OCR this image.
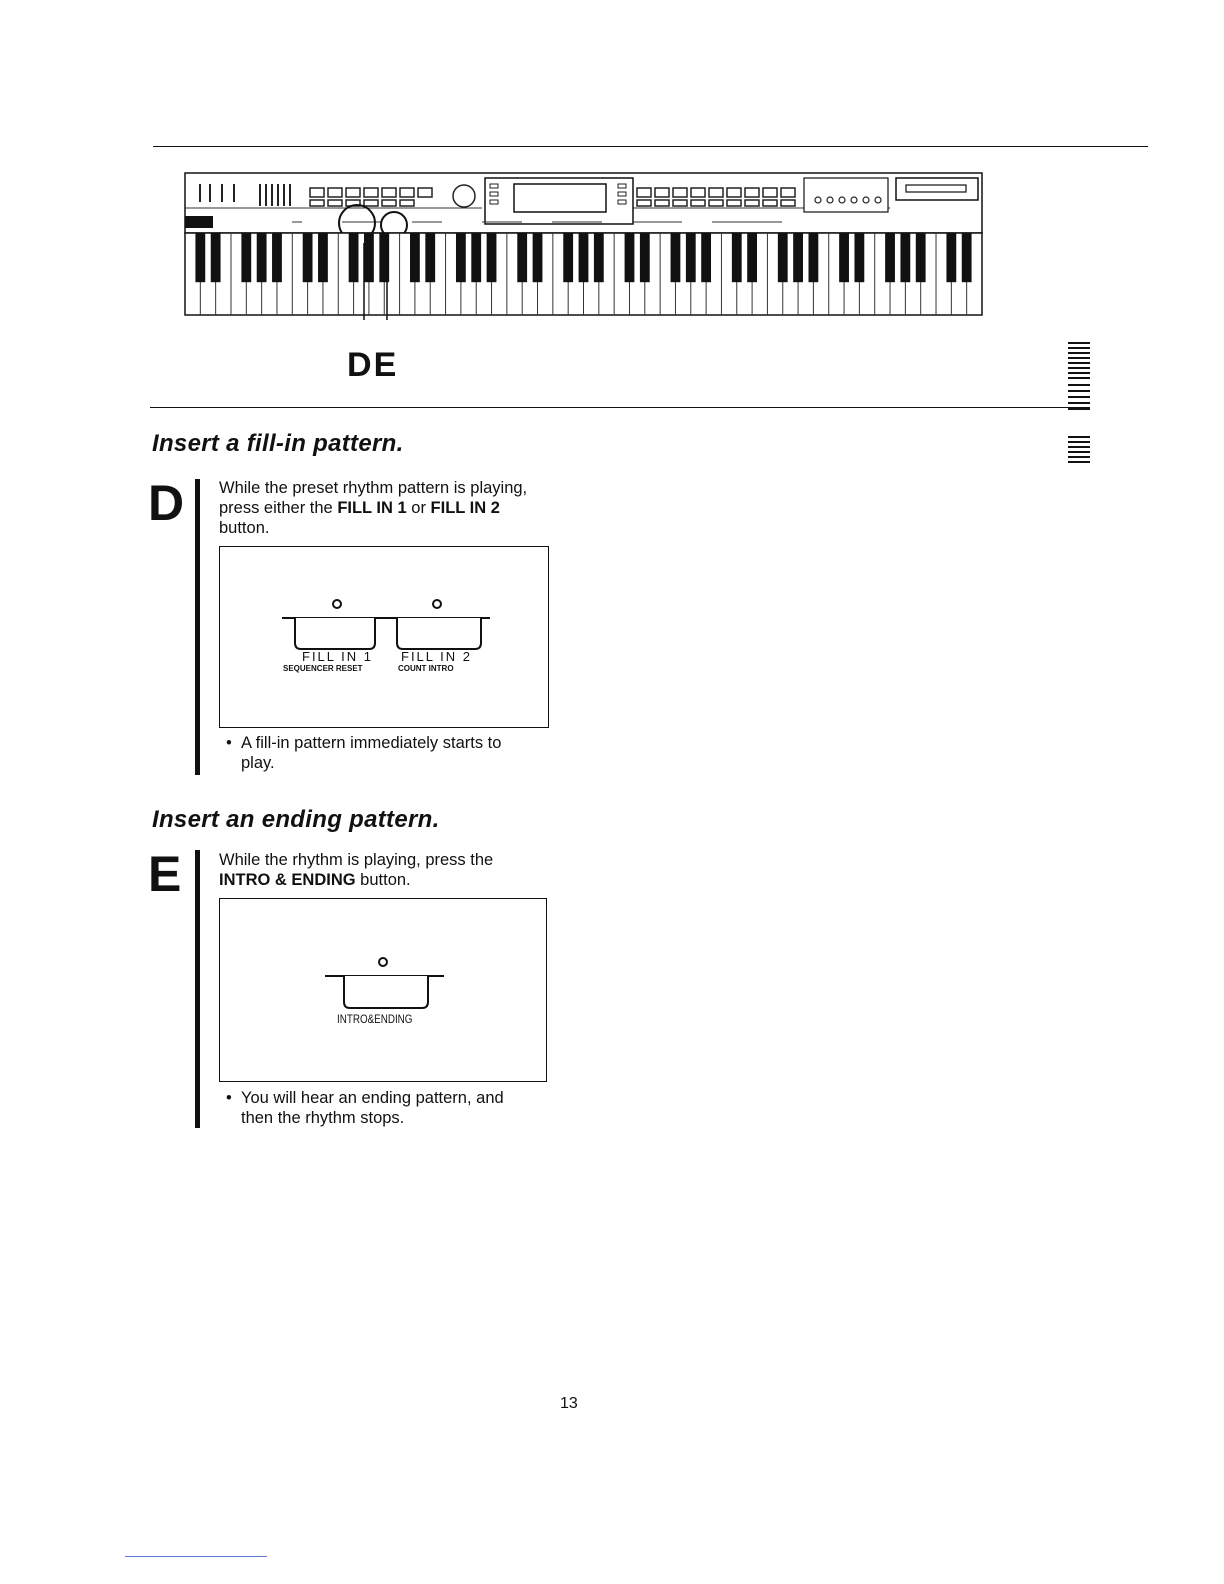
DE
Insert a fill-in pattern.
D While the preset rhythm pattern is playing, press either the FILL IN 1 or FILL IN 2 button.
FILL IN 1
SEQUENCER RESET
FILL IN 2
COUNT INTRO
• A fill-in pattern immediately starts to play.
Insert an ending pattern.
E While the rhythm is playing, press the INTRO & ENDING button.
INTRO&ENDING
• You will hear an ending pattern, and then the rhythm stops.
13
